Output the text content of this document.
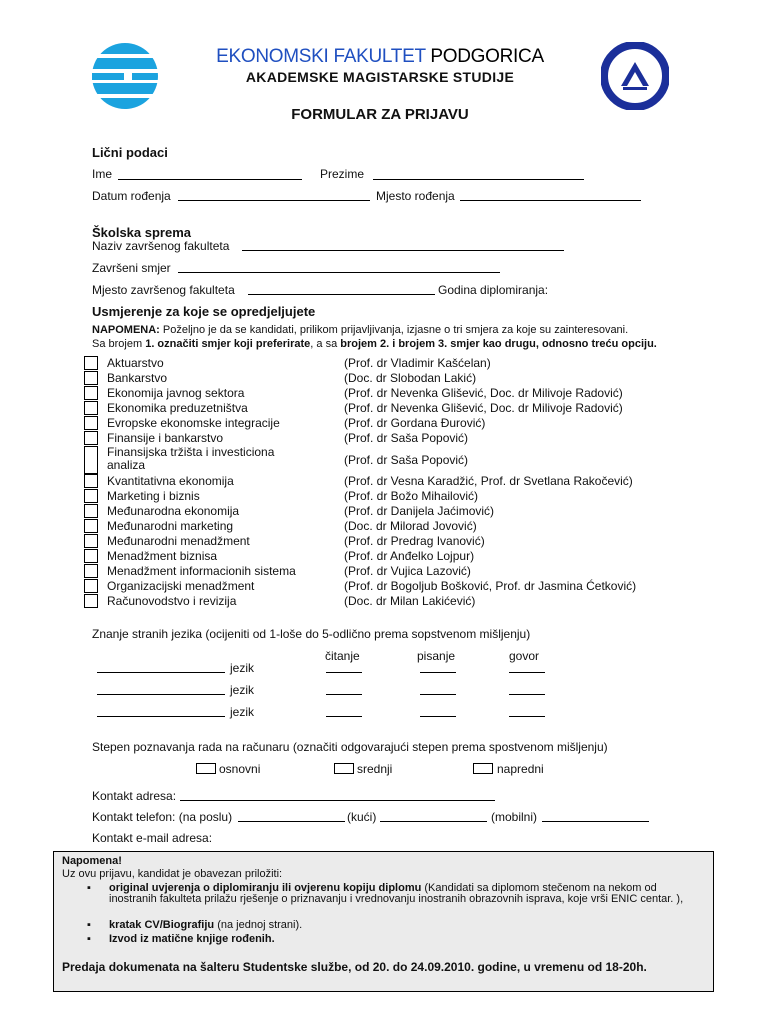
EKONOMSKI FAKULTET PODGORICA
AKADEMSKE MAGISTARSKE STUDIJE
FORMULAR ZA PRIJAVU
Lični podaci
Ime	Prezime
Datum rođenja	Mjesto rođenja
Školska sprema
Naziv završenog fakulteta
Završeni smjer
Mjesto završenog fakulteta	Godina diplomiranja:
Usmjerenje za koje se opredjeljujete
NAPOMENA: Poželjno je da se kandidati, prilikom prijavljivanja, izjasne o tri smjera za koje su zainteresovani.
Sa brojem 1. označiti smjer koji preferirate, a sa brojem 2. i brojem 3. smjer kao drugu, odnosno treću opciju.
Aktuarstvo	(Prof. dr Vladimir Kašćelan)
Bankarstvo	(Doc. dr Slobodan Lakić)
Ekonomija javnog sektora	(Prof. dr Nevenka Glišević, Doc. dr Milivoje Radović)
Ekonomika preduzetništva	(Prof. dr Nevenka Glišević, Doc. dr Milivoje Radović)
Evropske ekonomske integracije	(Prof. dr Gordana Đurović)
Finansije i bankarstvo	(Prof. dr Saša Popović)
Finansijska tržišta i investiciona
analiza	(Prof. dr Saša Popović)
Kvantitativna ekonomija	(Prof. dr Vesna Karadžić, Prof. dr Svetlana Rakočević)
Marketing i biznis	(Prof. dr Božo Mihailović)
Međunarodna ekonomija	(Prof. dr Danijela Jaćimović)
Međunarodni marketing	(Doc. dr Milorad Jovović)
Međunarodni menadžment	(Prof. dr Predrag Ivanović)
Menadžment biznisa	(Prof. dr Anđelko Lojpur)
Menadžment informacionih sistema	(Prof. dr Vujica Lazović)
Organizacijski menadžment	(Prof. dr Bogoljub Bošković, Prof. dr Jasmina Ćetković)
Računovodstvo i revizija	(Doc. dr Milan Lakićević)
Znanje stranih jezika (ocijeniti od 1-loše do 5-odlično prema sopstvenom mišljenju)
čitanje	pisanje	govor
jezik
jezik
jezik
Stepen poznavanja rada na računaru (označiti odgovarajući stepen prema spostvenom mišljenju)
osnovni	srednji	napredni
Kontakt adresa:
Kontakt telefon: (na poslu)	(kući)	(mobilni)
Kontakt e-mail adresa:
Napomena!
Uz ovu prijavu, kandidat je obavezan priložiti:
▪ original uvjerenja o diplomiranju ili ovjerenu kopiju diplomu (Kandidati sa diplomom stečenom na nekom od inostranih fakulteta prilažu rješenje o priznavanju i vrednovanju inostranih obrazovnih isprava, koje vrši ENIC centar. ),
▪ kratak CV/Biografiju (na jednoj strani).
▪ Izvod iz matične knjige rođenih.
Predaja dokumenata na šalteru Studentske službe, od 20. do 24.09.2010. godine, u vremenu od 18-20h.
